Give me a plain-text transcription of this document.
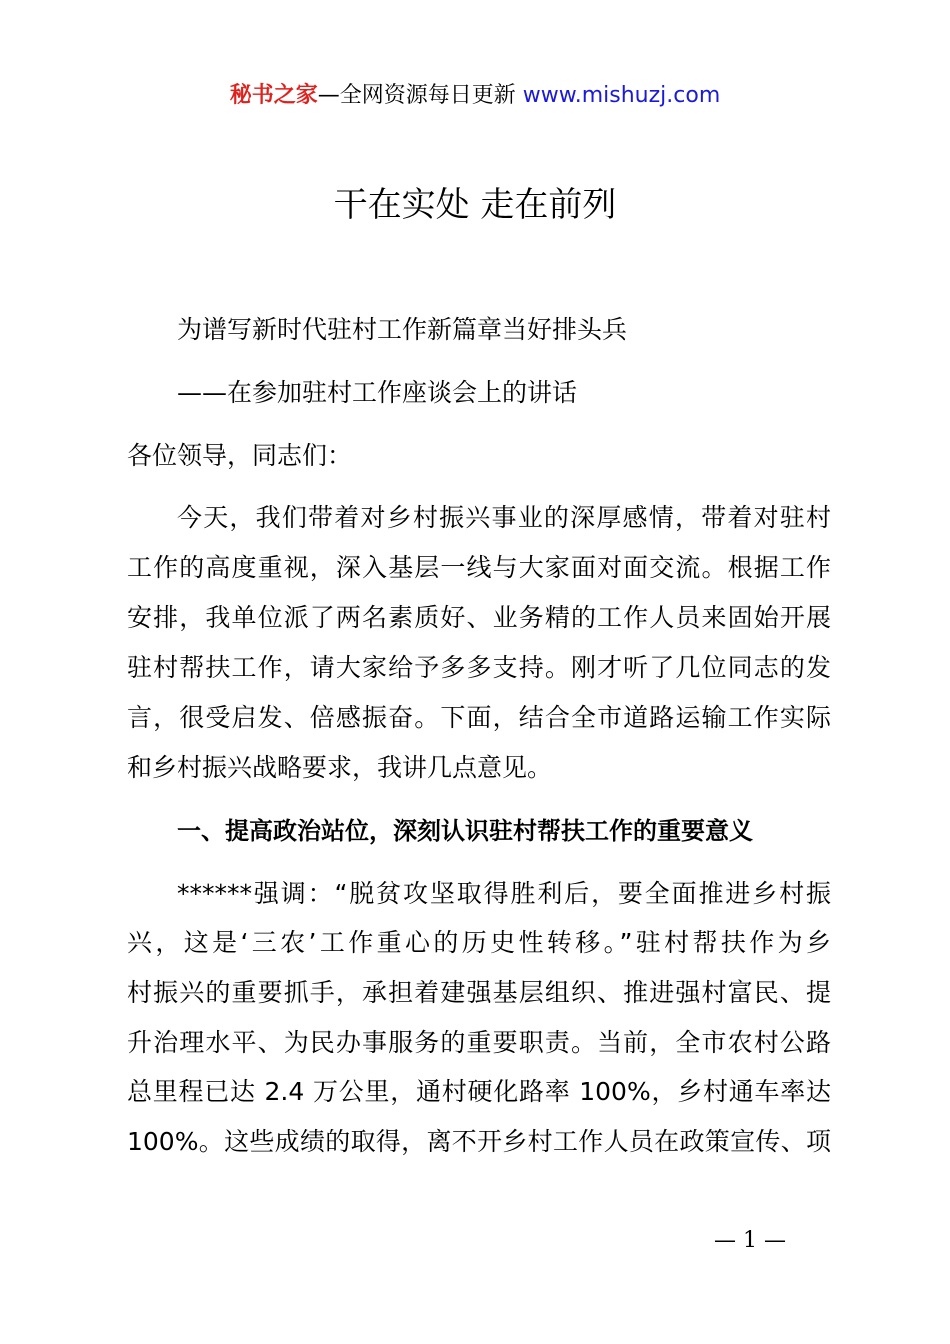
秘书之家—全网资源每日更新 www.mishuzj.com
干在实处 走在前列
为谱写新时代驻村工作新篇章当好排头兵
——在参加驻村工作座谈会上的讲话
各位领导，同志们：
今天，我们带着对乡村振兴事业的深厚感情，带着对驻村
工作的高度重视，深入基层一线与大家面对面交流。根据工作
安排，我单位派了两名素质好、业务精的工作人员来固始开展
驻村帮扶工作，请大家给予多多支持。刚才听了几位同志的发
言，很受启发、倍感振奋。下面，结合全市道路运输工作实际
和乡村振兴战略要求，我讲几点意见。
一、提高政治站位，深刻认识驻村帮扶工作的重要意义
******强调：“脱贫攻坚取得胜利后，要全面推进乡村振
兴，这是‘三农’工作重心的历史性转移。”驻村帮扶作为乡
村振兴的重要抓手，承担着建强基层组织、推进强村富民、提
升治理水平、为民办事服务的重要职责。当前，全市农村公路
总里程已达 2.4 万公里，通村硬化路率 100%，乡村通车率达
100%。这些成绩的取得，离不开乡村工作人员在政策宣传、项
— 1 —
